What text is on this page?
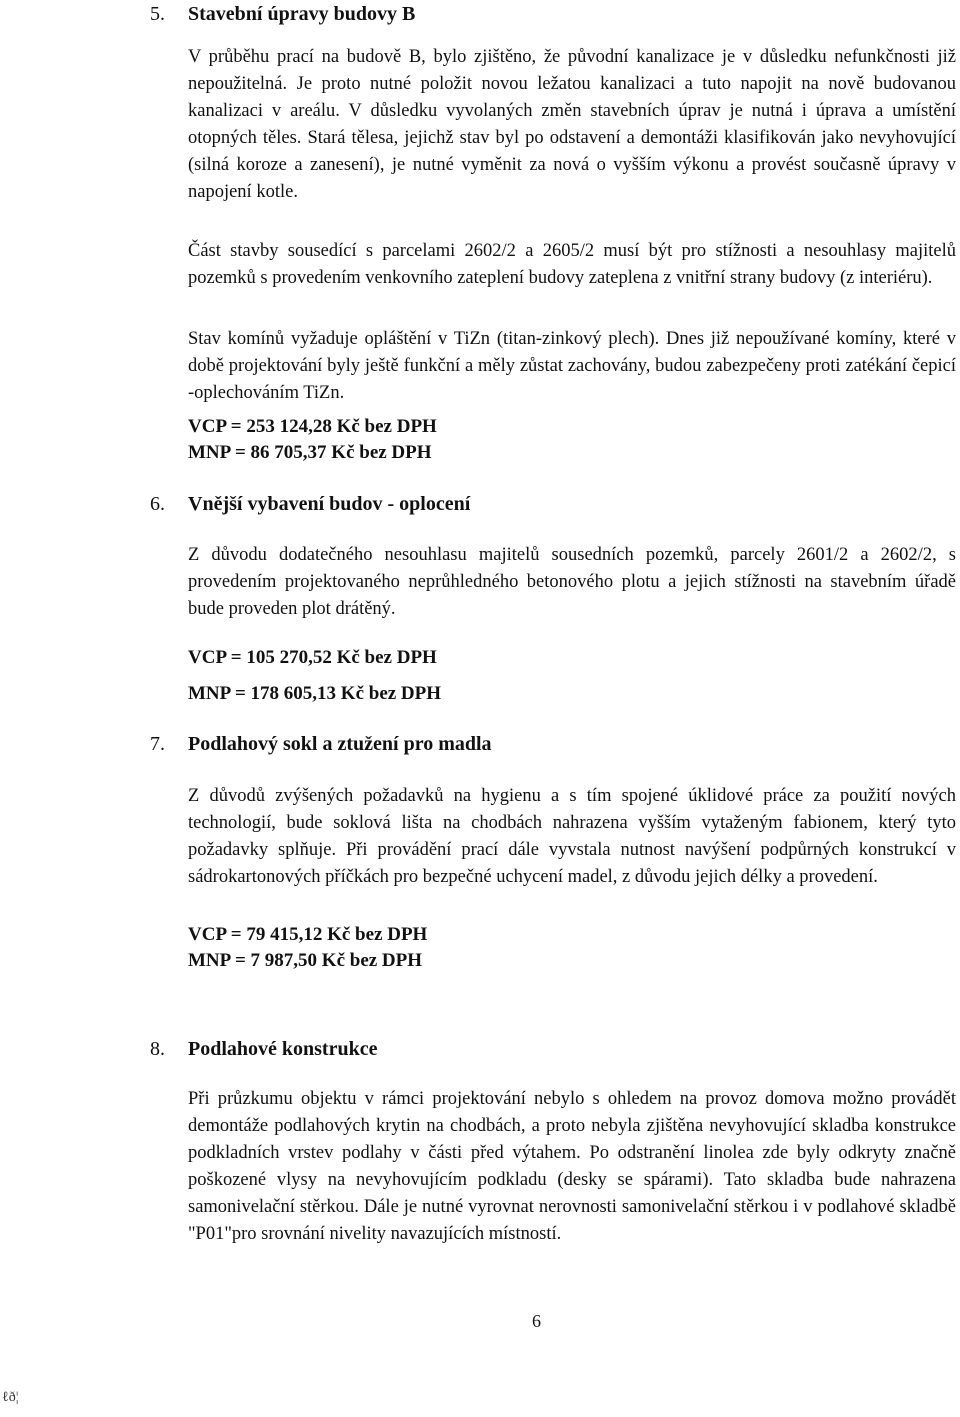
5. Stavební úpravy budovy B

V průběhu prací na budově B, bylo zjištěno, že původní kanalizace je v důsledku nefunkčnosti již nepoužitelná. Je proto nutné položit novou ležatou kanalizaci a tuto napojit na nově budovanou kanalizaci v areálu. V důsledku vyvolaných změn stavebních úprav je nutná i úprava a umístění otopných těles. Stará tělesa, jejichž stav byl po odstavení a demontáži klasifikován jako nevyhovující (silná koroze a zanesení), je nutné vyměnit za nová o vyšším výkonu a provést současně úpravy v napojení kotle.

Část stavby sousedící s parcelami 2602/2 a 2605/2 musí být pro stížnosti a nesouhlasy majitelů pozemků s provedením venkovního zateplení budovy zateplena z vnitřní strany budovy (z interiéru).

Stav komínů vyžaduje opláštění v TiZn (titan-zinkový plech). Dnes již nepoužívané komíny, které v době projektování byly ještě funkční a měly zůstat zachovány, budou zabezpečeny proti zatékání čepicí -oplechováním TiZn.

VCP = 253 124,28 Kč bez DPH
MNP = 86 705,37 Kč bez DPH
6. Vnější vybavení budov - oplocení

Z důvodu dodatečného nesouhlasu majitelů sousedních pozemků, parcely 2601/2 a 2602/2, s provedením projektovaného neprůhledného betonového plotu a jejich stížnosti na stavebním úřadě bude proveden plot drátěný.

VCP = 105 270,52 Kč bez DPH
MNP = 178 605,13 Kč bez DPH
7. Podlahový sokl a ztužení pro madla

Z důvodů zvýšených požadavků na hygienu a s tím spojené úklidové práce za použití nových technologií, bude soklová lišta na chodbách nahrazena vyšším vytaženým fabionem, který tyto požadavky splňuje. Při provádění prací dále vyvstala nutnost navýšení podpůrných konstrukcí v sádrokartonových příčkách pro bezpečné uchycení madel, z důvodu jejich délky a provedení.

VCP = 79 415,12 Kč bez DPH
MNP = 7 987,50 Kč bez DPH
8. Podlahové konstrukce

Při průzkumu objektu v rámci projektování nebylo s ohledem na provoz domova možno provádět demontáže podlahových krytin na chodbách, a proto nebyla zjištěna nevyhovující skladba konstrukce podkladních vrstev podlahy v části před výtahem. Po odstranění linolea zde byly odkryty značně poškozené vlysy na nevyhovujícím podkladu (desky se spárami). Tato skladba bude nahrazena samonivelační stěrkou. Dále je nutné vyrovnat nerovnosti samonivelační stěrkou i v podlahové skladbě "P01"pro srovnání nivelity navazujících místností.

6
ℓð¦
